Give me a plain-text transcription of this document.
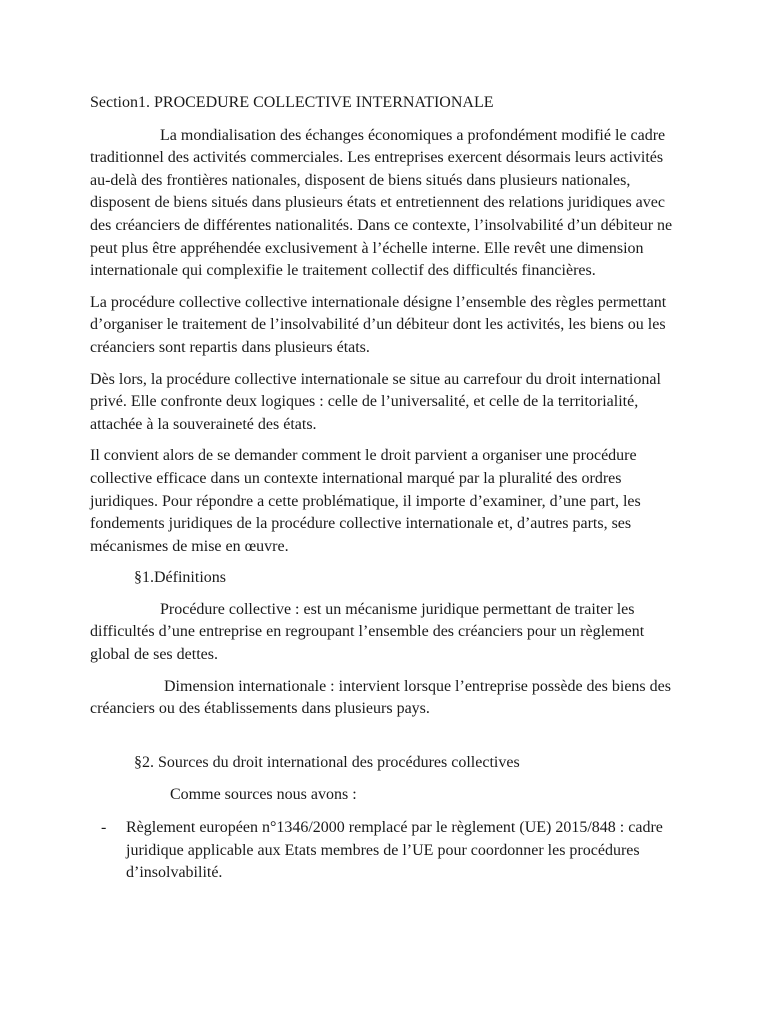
Section1. PROCEDURE COLLECTIVE INTERNATIONALE

La mondialisation des échanges économiques a profondément modifié le cadre traditionnel des activités commerciales. Les entreprises exercent désormais leurs activités au-delà des frontières nationales, disposent de biens situés dans plusieurs nationales, disposent de biens situés dans plusieurs états et entretiennent des relations juridiques avec des créanciers de différentes nationalités. Dans ce contexte, l’insolvabilité d’un débiteur ne peut plus être appréhendée exclusivement à l’échelle interne. Elle revêt une dimension internationale qui complexifie le traitement collectif des difficultés financières.

La procédure collective collective internationale désigne l’ensemble des règles permettant d’organiser le traitement de l’insolvabilité d’un débiteur dont les activités, les biens ou les créanciers sont repartis dans plusieurs états.

Dès lors, la procédure collective internationale se situe au carrefour du droit international privé. Elle confronte deux logiques : celle de l’universalité, et celle de la territorialité, attachée à la souveraineté des états.

Il convient alors de se demander comment le droit parvient a organiser une procédure collective efficace dans un contexte international marqué par la pluralité des ordres juridiques. Pour répondre a cette problématique, il importe d’examiner, d’une part, les fondements juridiques de la procédure collective internationale et, d’autres parts, ses mécanismes de mise en œuvre.

§1.Définitions

Procédure collective : est un mécanisme juridique permettant de traiter les difficultés d’une entreprise en regroupant l’ensemble des créanciers pour un règlement global de ses dettes.

Dimension internationale : intervient lorsque l’entreprise possède des biens des créanciers ou des établissements dans plusieurs pays.

§2. Sources du droit international des procédures collectives

Comme sources nous avons :

- Règlement européen n°1346/2000 remplacé par le règlement (UE) 2015/848 : cadre juridique applicable aux Etats membres de l’UE pour coordonner les procédures d’insolvabilité.
